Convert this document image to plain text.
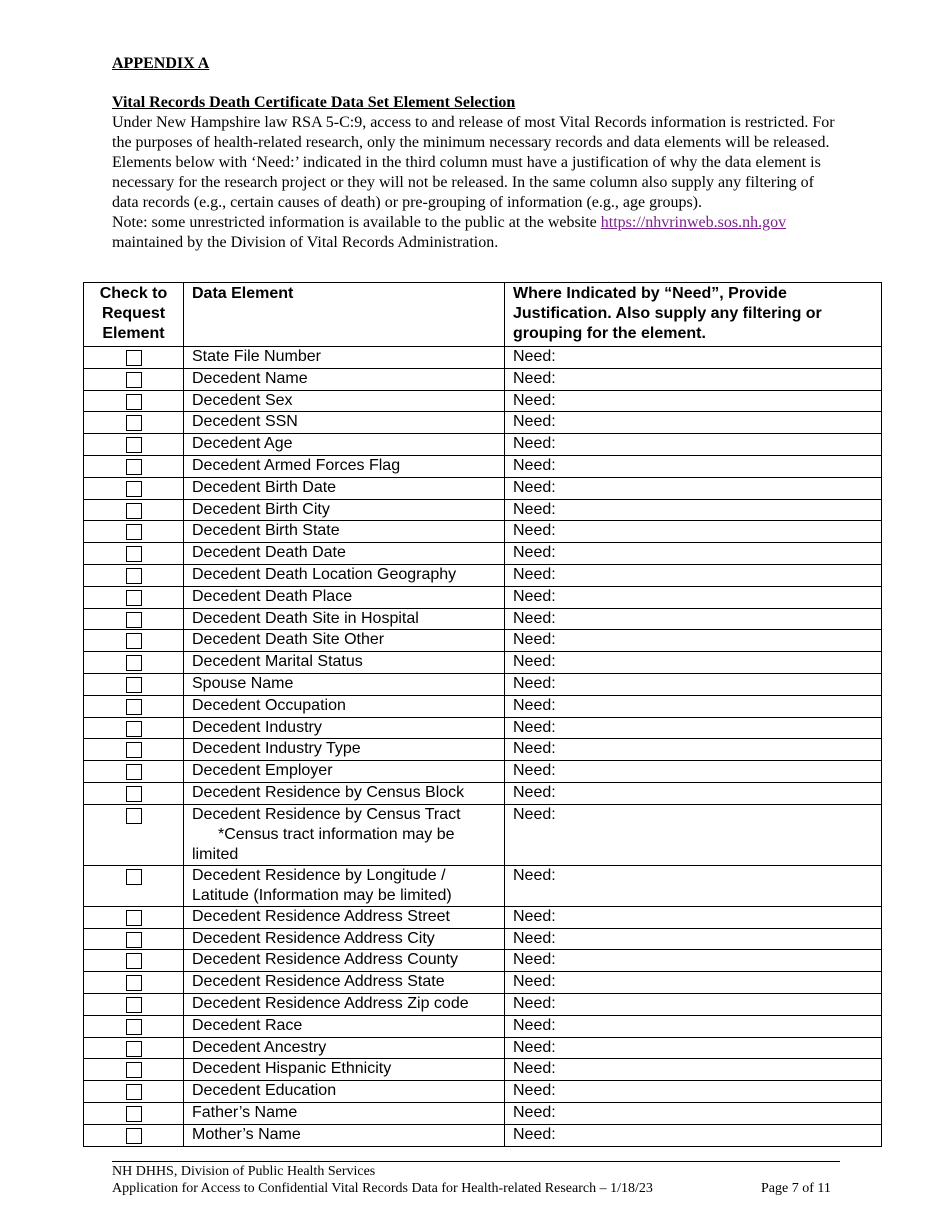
APPENDIX A
Vital Records Death Certificate Data Set Element Selection

Under New Hampshire law RSA 5-C:9, access to and release of most Vital Records information is restricted. For the purposes of health-related research, only the minimum necessary records and data elements will be released. Elements below with ‘Need:’ indicated in the third column must have a justification of why the data element is necessary for the research project or they will not be released. In the same column also supply any filtering of data records (e.g., certain causes of death) or pre-grouping of information (e.g., age groups).

Note: some unrestricted information is available to the public at the website https://nhvrinweb.sos.nh.gov maintained by the Division of Vital Records Administration.

Check to Request Element	Data Element	Where Indicated by “Need”, Provide Justification. Also supply any filtering or grouping for the element.

	State File Number	Need:

	Decedent Name	Need:

	Decedent Sex	Need:

	Decedent SSN	Need:

	Decedent Age	Need:

	Decedent Armed Forces Flag	Need:

	Decedent Birth Date	Need:

	Decedent Birth City	Need:

	Decedent Birth State	Need:

	Decedent Death Date	Need:

	Decedent Death Location Geography	Need:

	Decedent Death Place	Need:

	Decedent Death Site in Hospital	Need:

	Decedent Death Site Other	Need:

	Decedent Marital Status	Need:

	Spouse Name	Need:

	Decedent Occupation	Need:

	Decedent Industry	Need:

	Decedent Industry Type	Need:

	Decedent Employer	Need:

	Decedent Residence by Census Block	Need:

	Decedent Residence by Census Tract
*Census tract information may be limited	Need:

	Decedent Residence by Longitude / Latitude (Information may be limited)	Need:

	Decedent Residence Address Street	Need:

	Decedent Residence Address City	Need:

	Decedent Residence Address County	Need:

	Decedent Residence Address State	Need:

	Decedent Residence Address Zip code	Need:

	Decedent Race	Need:

	Decedent Ancestry	Need:

	Decedent Hispanic Ethnicity	Need:

	Decedent Education	Need:

	Father’s Name	Need:

	Mother’s Name	Need:
NH DHHS, Division of Public Health Services
Application for Access to Confidential Vital Records Data for Health-related Research – 1/18/23	Page 7 of 11
